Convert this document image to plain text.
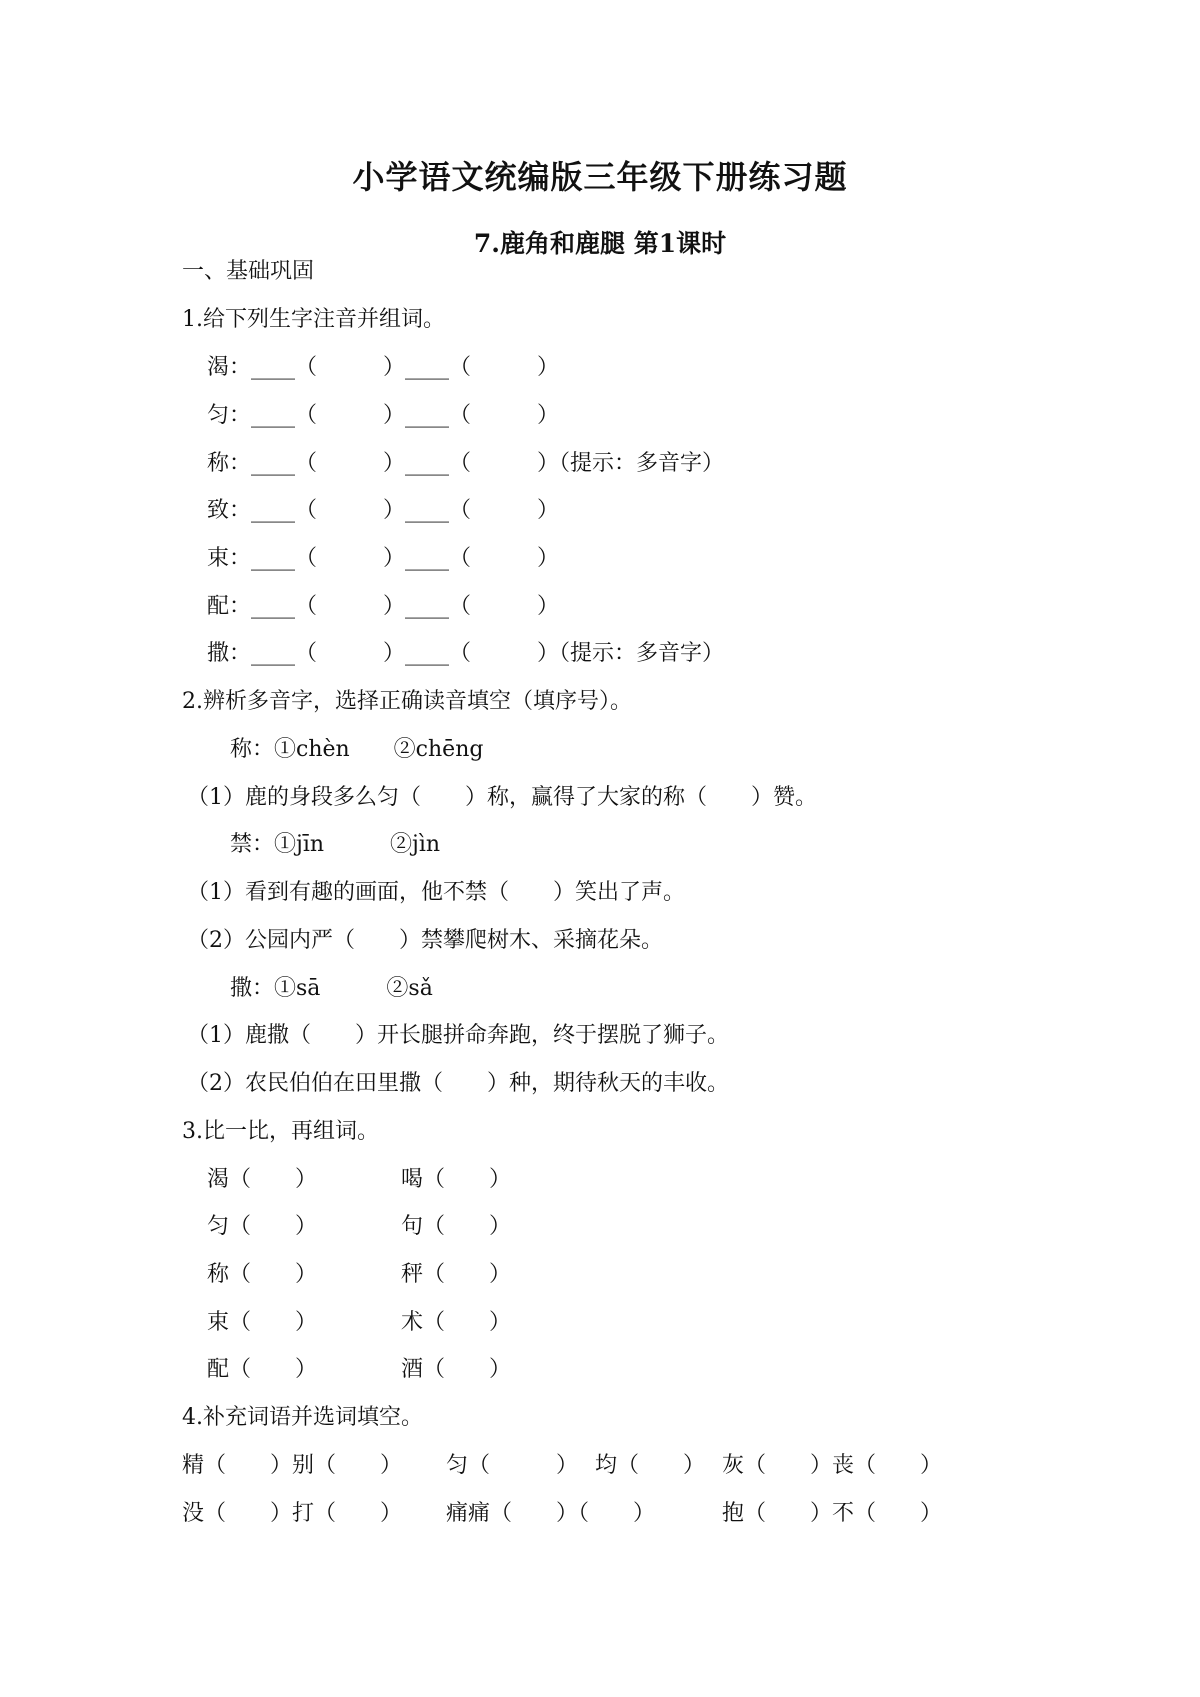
小学语文统编版三年级下册练习题
7.鹿角和鹿腿 第1课时
一、基础巩固
1.给下列生字注音并组词。
渴：____（　　　）____（　　　）
匀：____（　　　）____（　　　）
称：____（　　　）____（　　　）（提示：多音字）
致：____（　　　）____（　　　）
束：____（　　　）____（　　　）
配：____（　　　）____（　　　）
撒：____（　　　）____（　　　）（提示：多音字）
2.辨析多音字，选择正确读音填空（填序号）。
称：①chèn　　②chēng
（1）鹿的身段多么匀（　　）称，赢得了大家的称（　　）赞。
禁：①jīn　　　②jìn
（1）看到有趣的画面，他不禁（　　）笑出了声。
（2）公园内严（　　）禁攀爬树木、采摘花朵。
撒：①sā　　　②sǎ
（1）鹿撒（　　）开长腿拼命奔跑，终于摆脱了狮子。
（2）农民伯伯在田里撒（　　）种，期待秋天的丰收。
3.比一比，再组词。
渴（　　）	喝（　　）
匀（　　）	句（　　）
称（　　）	秤（　　）
束（　　）	术（　　）
配（　　）	酒（　　）
4.补充词语并选词填空。
精（　　）别（　　） 匀（　　　） 均（　　） 灰（　　）丧（　　）
没（　　）打（　　） 痛痛（　　）（　　）	抱（　　）不（　　）
